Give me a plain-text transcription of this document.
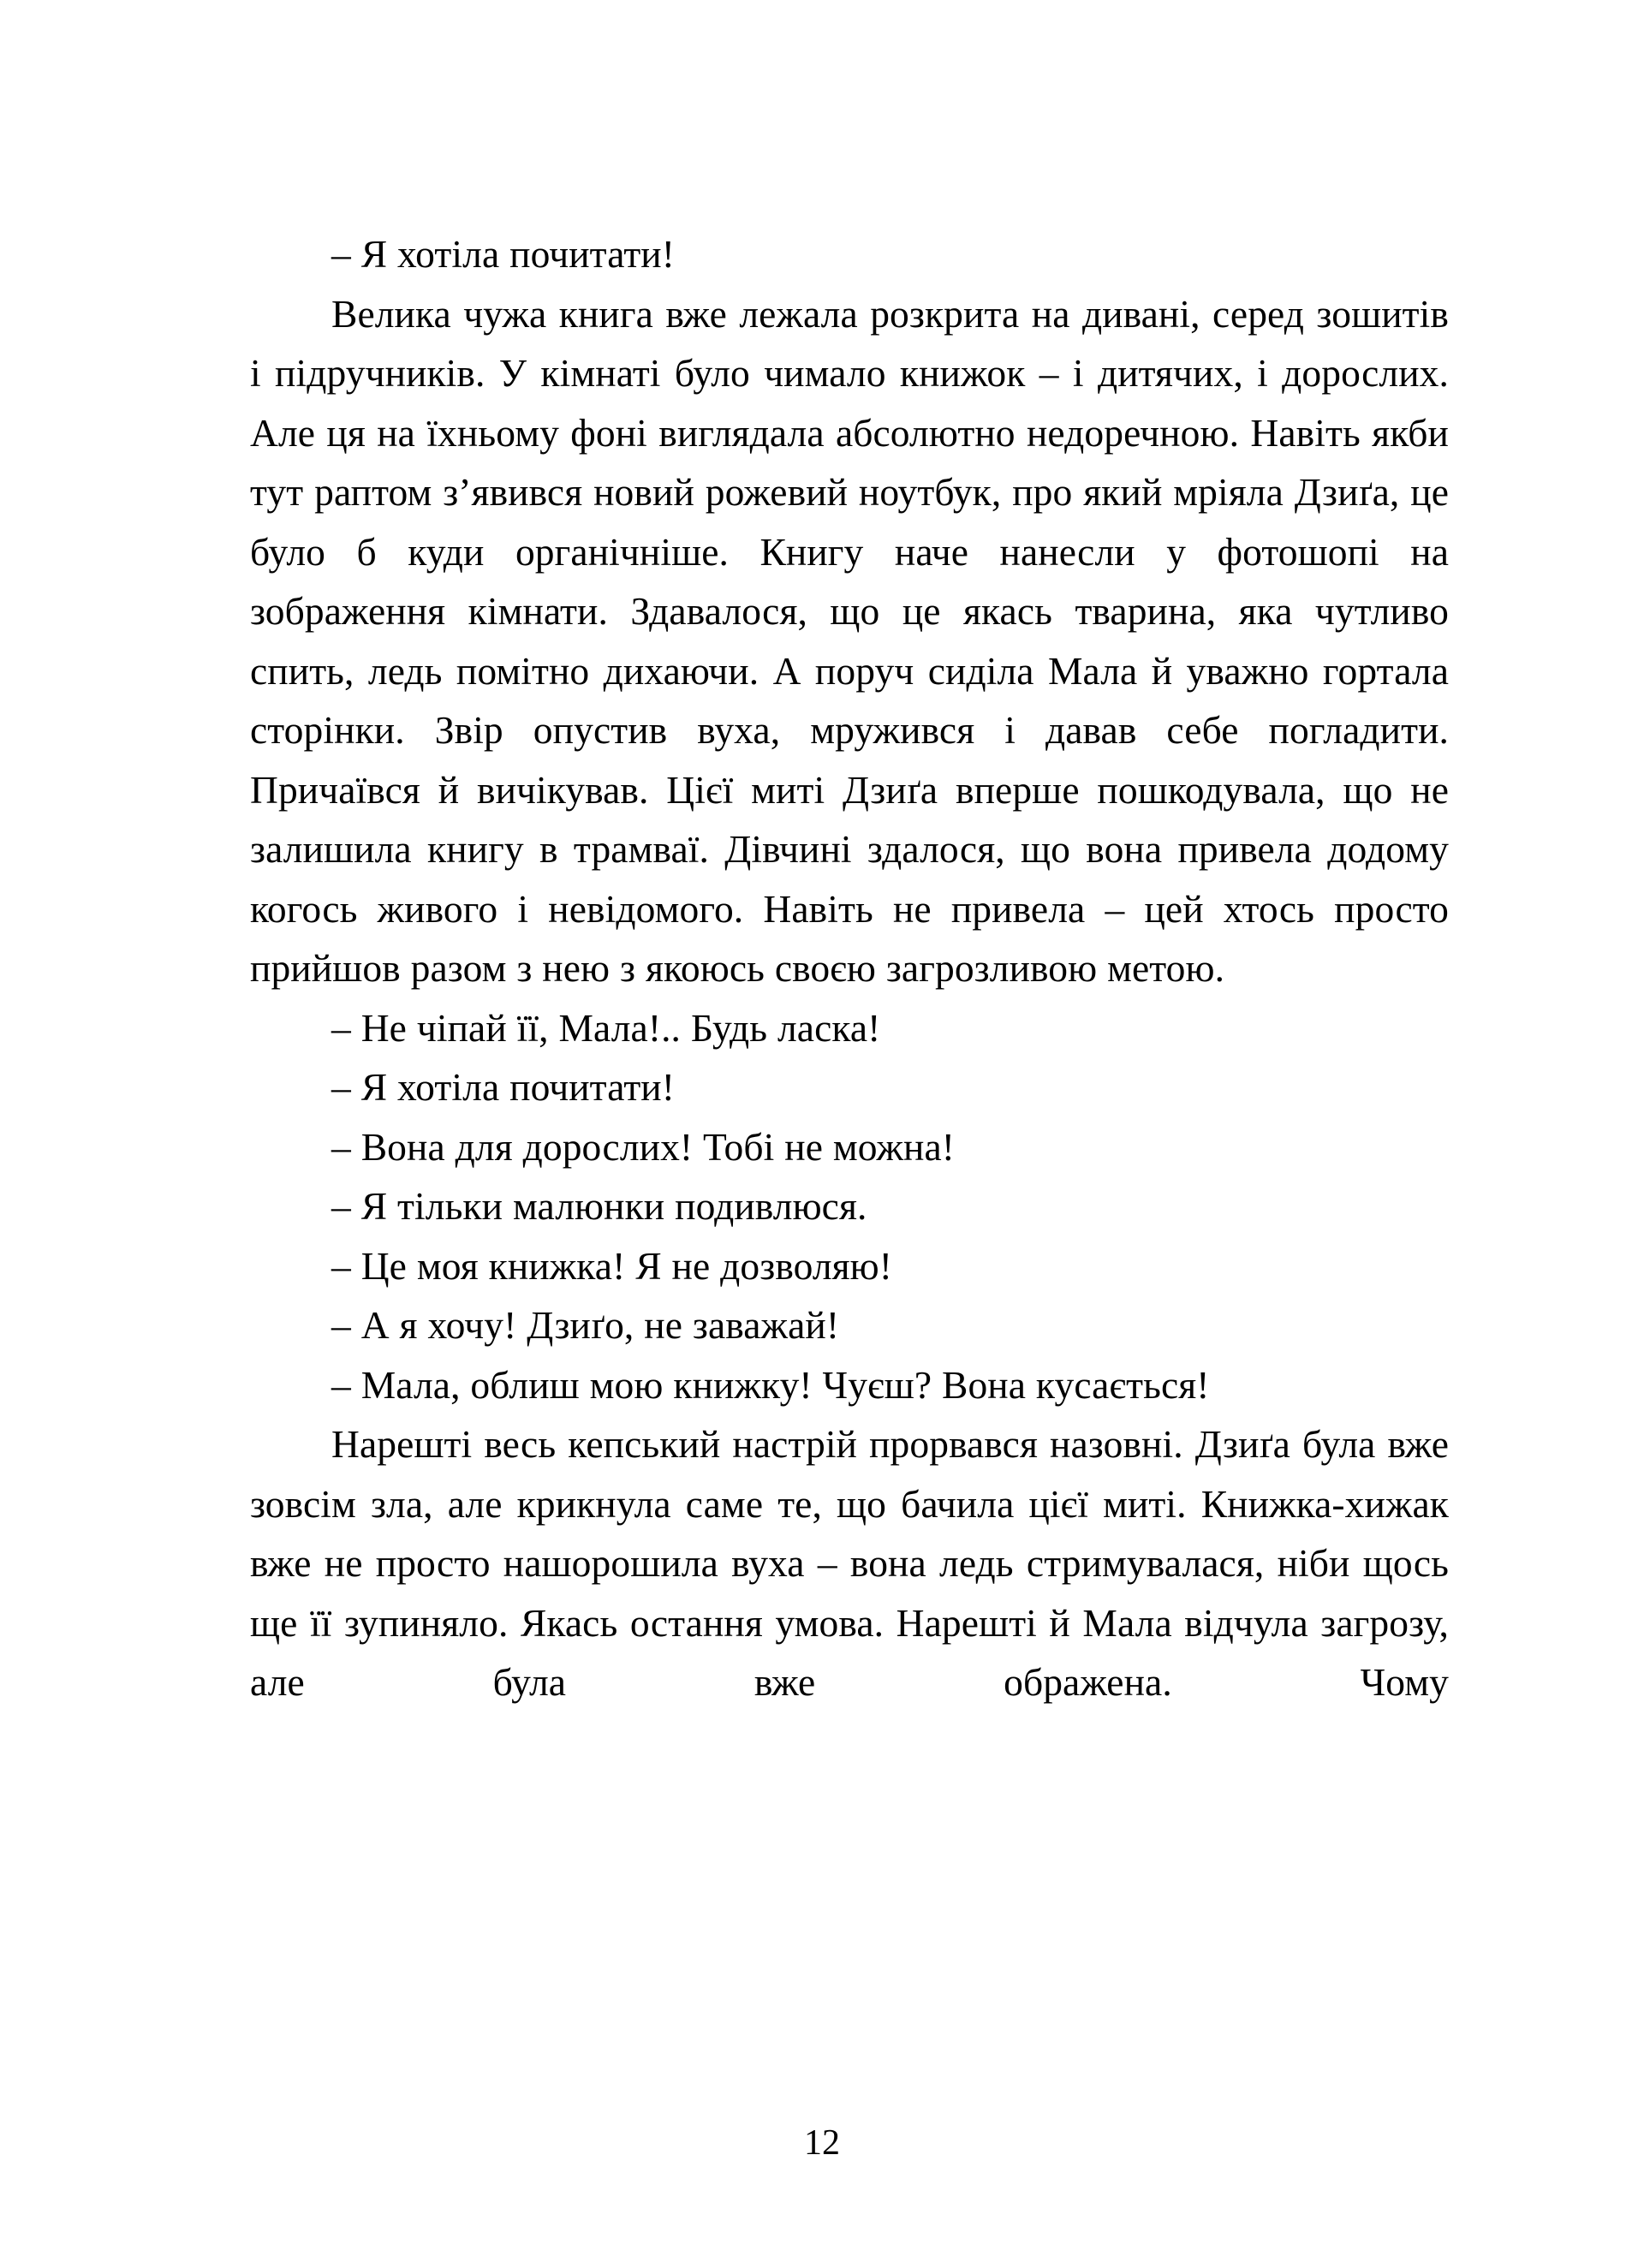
– Я хотіла почитати!

Велика чужа книга вже лежала розкрита на дивані, серед зошитів і підручників. У кімнаті було чимало книжок – і дитячих, і дорослих. Але ця на їхньому фоні виглядала абсолютно недоречною. Навіть якби тут раптом з’явився новий рожевий ноутбук, про який мріяла Дзиґа, це було б куди органічніше. Книгу наче нанесли у фотошопі на зображення кімнати. Здавалося, що це якась тварина, яка чутливо спить, ледь помітно дихаючи. А поруч сиділа Мала й уважно гортала сторінки. Звір опустив вуха, мружився і давав себе погладити. Причаївся й вичікував. Цієї миті Дзиґа вперше пошкодувала, що не залишила книгу в трамваї. Дівчині здалося, що вона привела додому когось живого і невідомого. Навіть не привела – цей хтось просто прийшов разом з нею з якоюсь своєю загрозливою метою.

– Не чіпай її, Мала!.. Будь ласка!

– Я хотіла почитати!

– Вона для дорослих! Тобі не можна!

– Я тільки малюнки подивлюся.

– Це моя книжка! Я не дозволяю!

– А я хочу! Дзиґо, не заважай!

– Мала, облиш мою книжку! Чуєш? Вона кусається!

Нарешті весь кепський настрій прорвався назовні. Дзиґа була вже зовсім зла, але крикнула саме те, що бачила цієї миті. Книжка-хижак вже не просто нашорошила вуха – вона ледь стримувалася, ніби щось ще її зупиняло. Якась остання умова. Нарешті й Мала відчула загрозу, але була вже ображена. Чому

12
